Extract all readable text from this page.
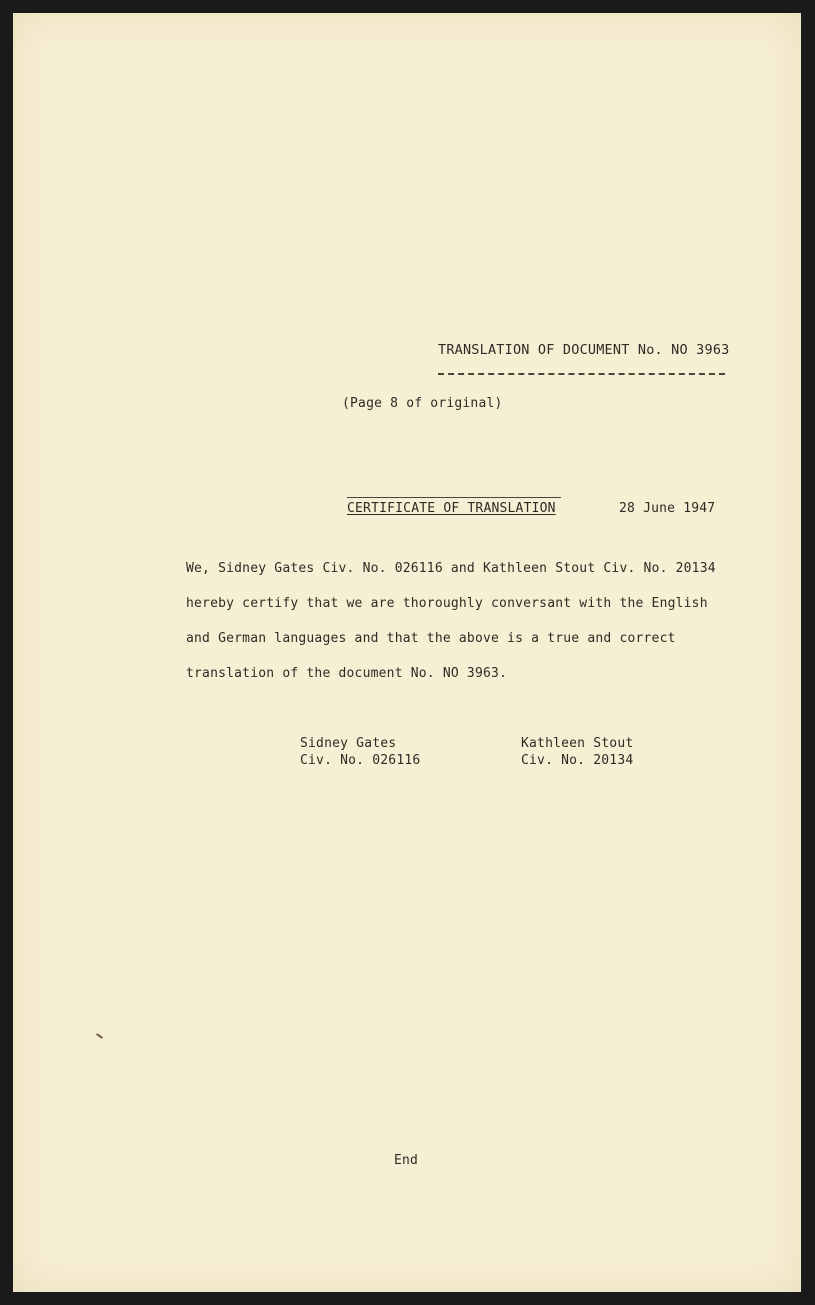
TRANSLATION OF DOCUMENT No. NO 3963
(Page 8 of original)
CERTIFICATE OF TRANSLATION	28 June 1947
We, Sidney Gates Civ. No. 026116 and Kathleen Stout Civ. No. 20134
hereby certify that we are thoroughly conversant with the English
and German languages and that the above is a true and correct
translation of the document No. NO 3963.
Sidney Gates
Civ. No. 026116
Kathleen Stout
Civ. No. 20134
End
